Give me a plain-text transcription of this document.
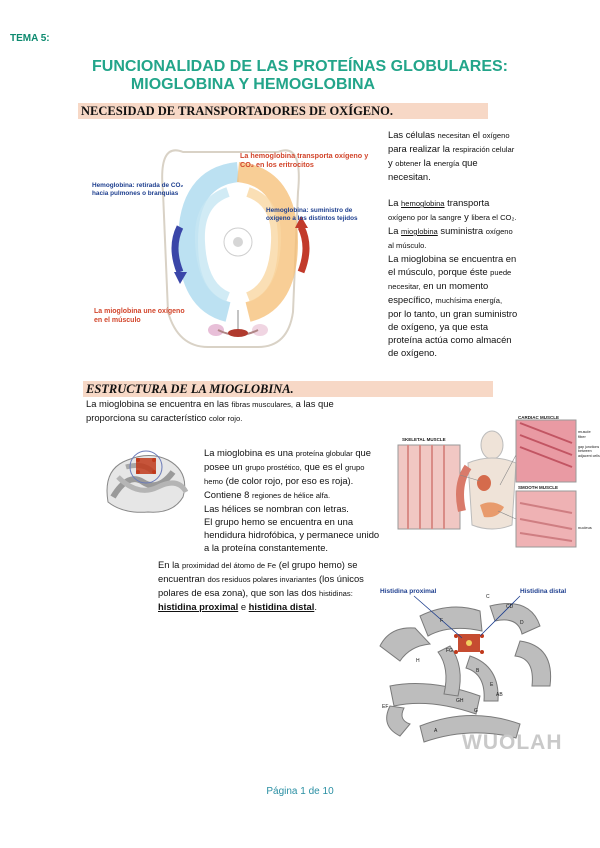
TEMA 5:
FUNCIONALIDAD DE LAS PROTEÍNAS GLOBULARES:
MIOGLOBINA Y HEMOGLOBINA
NECESIDAD DE TRANSPORTADORES DE OXÍGENO.
La hemoglobina transporta oxígeno y CO₂ en los eritrocitos
Hemoglobina: retirada de CO₂ hacia pulmones o branquias
Hemoglobina: suministro de oxígeno a los distintos tejidos
La mioglobina une oxígeno en el músculo
Las células necesitan el oxígeno para realizar la respiración celular y obtener la energía que necesitan.
La hemoglobina transporta oxígeno por la sangre y libera el CO₂.
La mioglobina suministra oxígeno al músculo.
La mioglobina se encuentra en el músculo, porque éste puede necesitar, en un momento específico, muchísima energía, por lo tanto, un gran suministro de oxígeno, ya que esta proteína actúa como almacén de oxígeno.
ESTRUCTURA DE LA MIOGLOBINA.
La mioglobina se encuentra en las fibras musculares, a las que proporciona su característico color rojo.
La mioglobina es una proteína globular que posee un grupo prostético, que es el grupo hemo (de color rojo, por eso es roja).
Contiene 8 regiones de hélice alfa.
Las hélices se nombran con letras.
El grupo hemo se encuentra en una hendidura hidrofóbica, y permanece unido a la proteína constantemente.
En la proximidad del átomo de Fe (el grupo hemo) se encuentran dos residuos polares invariantes (los únicos polares de esa zona), que son las dos histidinas: histidina proximal e histidina distal.
SKELETAL MUSCLE
CARDIAC MUSCLE
SMOOTH MUSCLE
muscle fiber
gap junctions between adjacent cells
nucleus
Histidina proximal	Histidina distal
H
F
FG
C
CD
D
E
B
AB
GH
G
EF
A WUOLAH
Página 1 de 10
